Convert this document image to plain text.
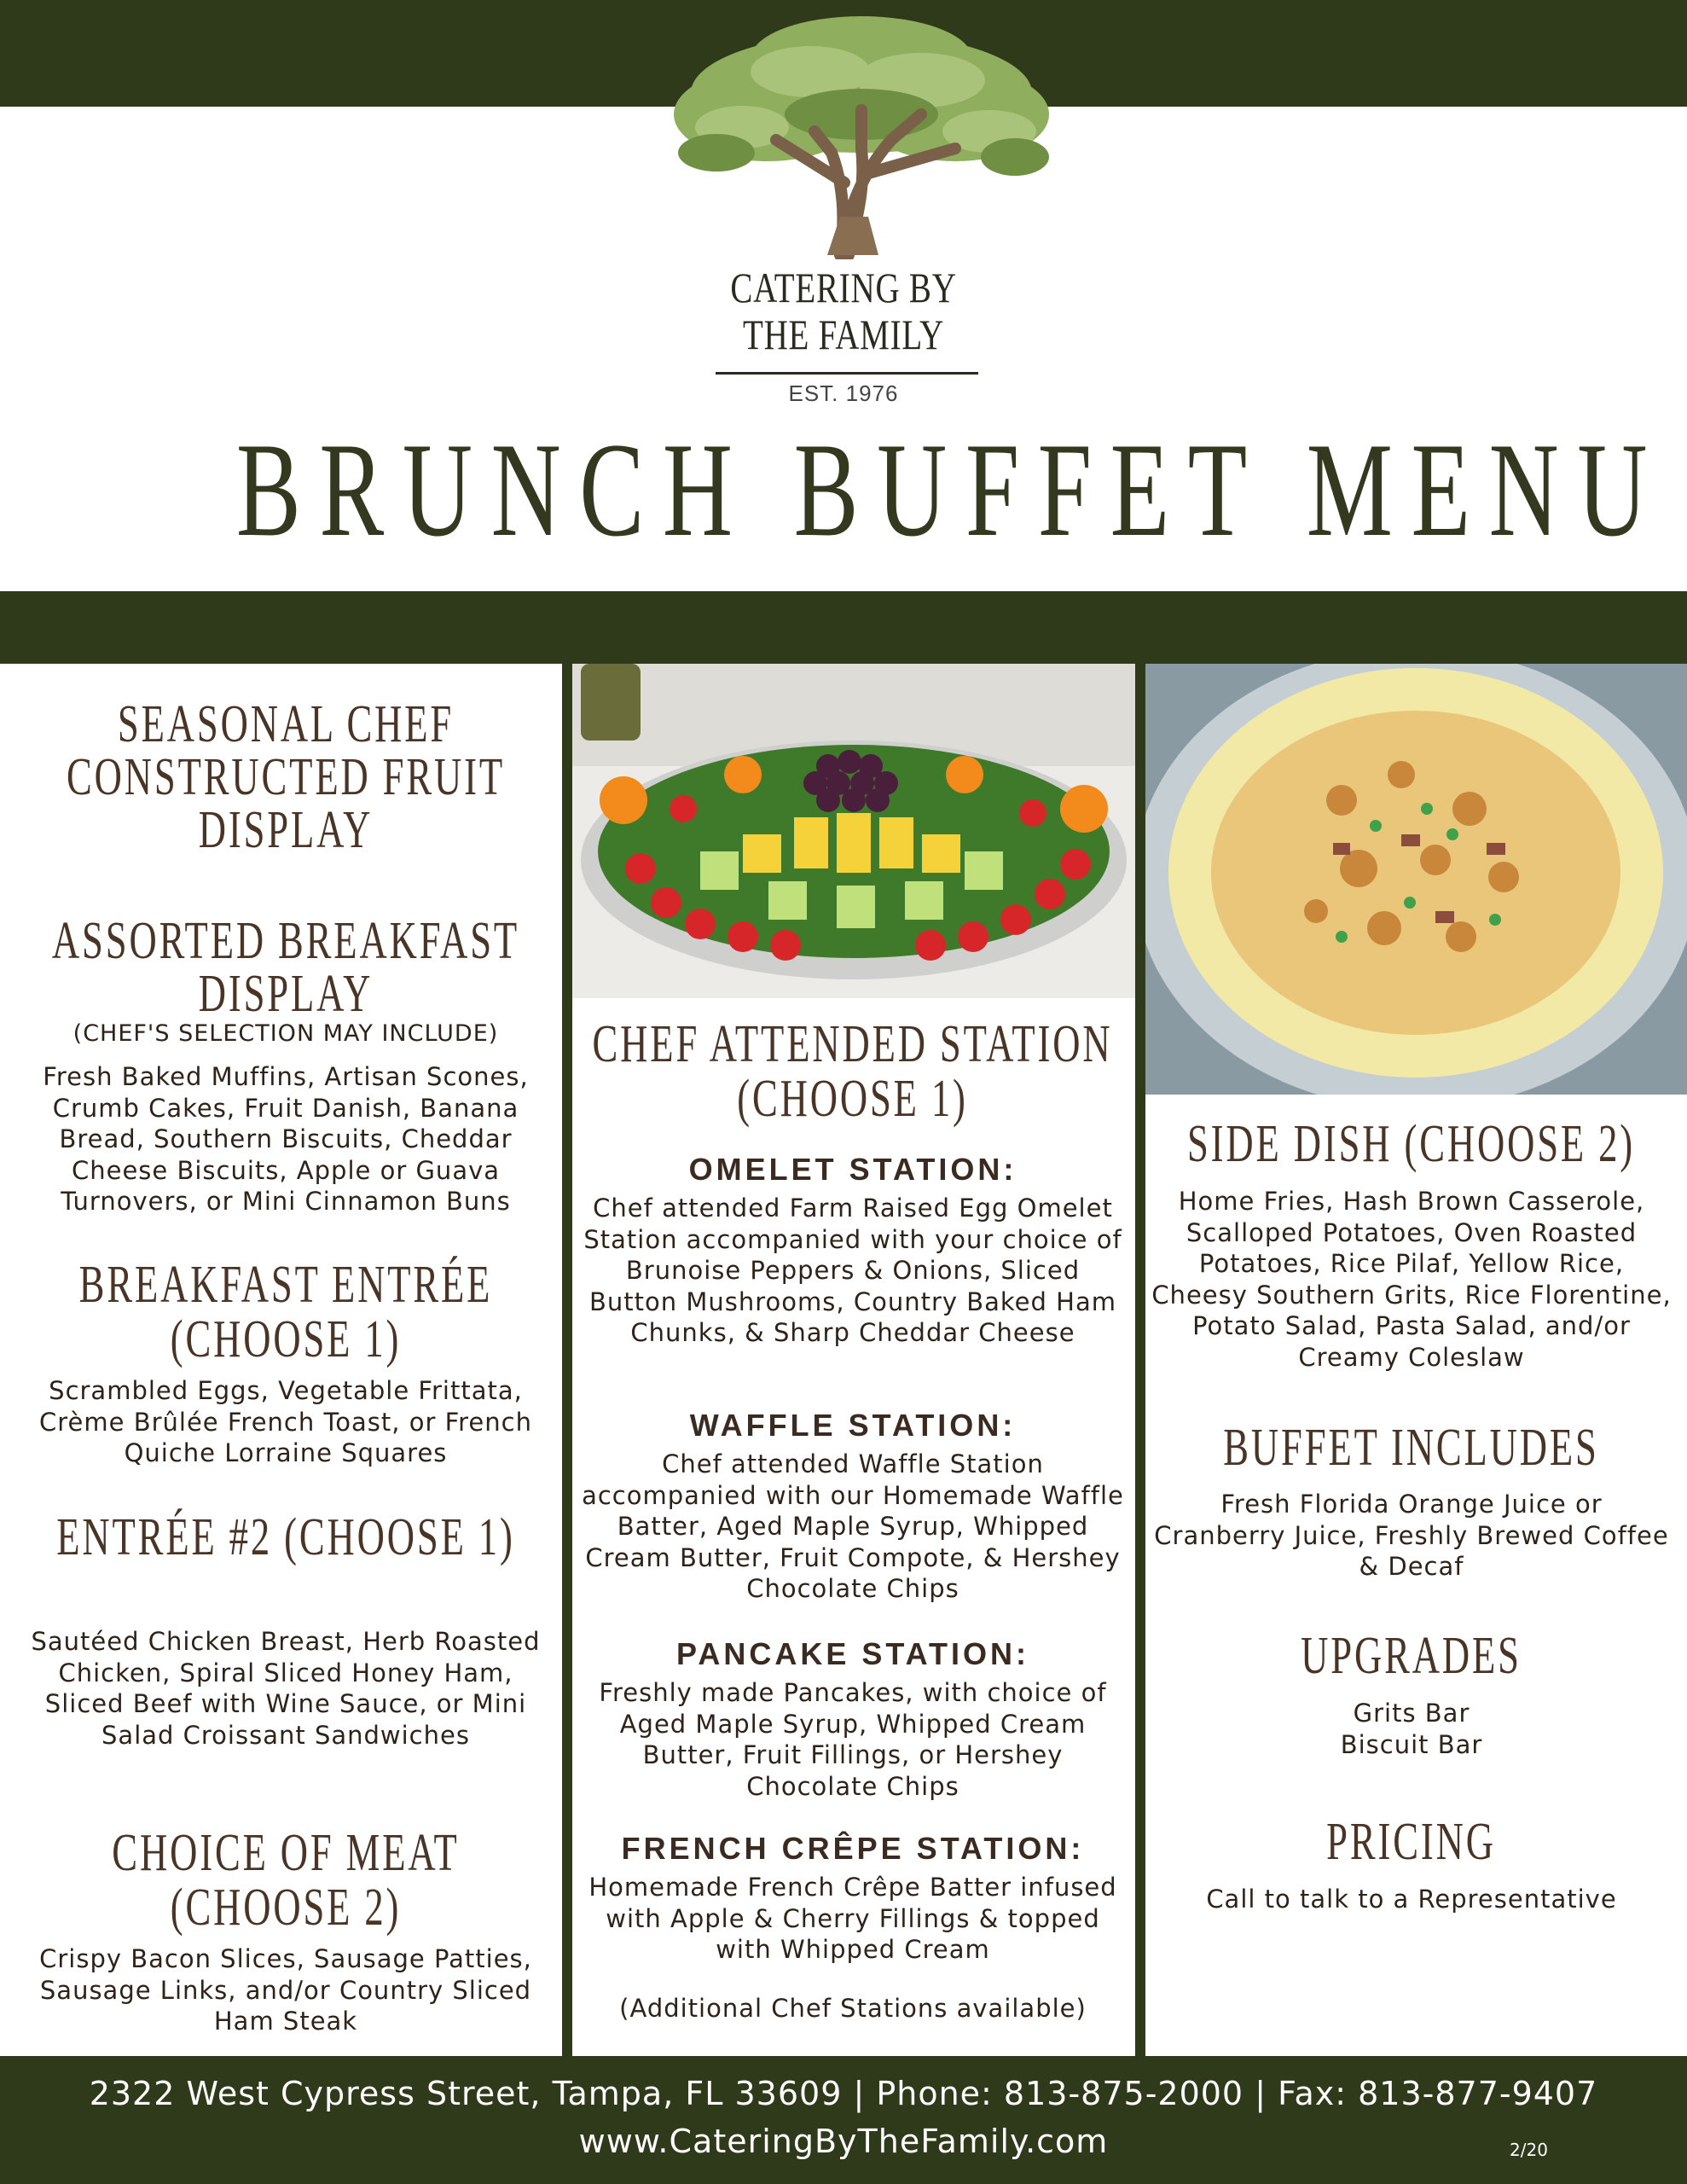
CATERING BY THE FAMILY
EST. 1976
BRUNCH BUFFET MENU
SEASONAL CHEF CONSTRUCTED FRUIT DISPLAY
ASSORTED BREAKFAST DISPLAY
(CHEF'S SELECTION MAY INCLUDE)
Fresh Baked Muffins, Artisan Scones, Crumb Cakes, Fruit Danish, Banana Bread, Southern Biscuits, Cheddar Cheese Biscuits, Apple or Guava Turnovers, or Mini Cinnamon Buns
BREAKFAST ENTRÉE (CHOOSE 1)
Scrambled Eggs, Vegetable Frittata, Crème Brûlée French Toast, or French Quiche Lorraine Squares
ENTRÉE #2 (CHOOSE 1)
Sautéed Chicken Breast, Herb Roasted Chicken, Spiral Sliced Honey Ham, Sliced Beef with Wine Sauce, or Mini Salad Croissant Sandwiches
CHOICE OF MEAT (CHOOSE 2)
Crispy Bacon Slices, Sausage Patties, Sausage Links, and/or Country Sliced Ham Steak
CHEF ATTENDED STATION (CHOOSE 1)
OMELET STATION:
Chef attended Farm Raised Egg Omelet Station accompanied with your choice of Brunoise Peppers & Onions, Sliced Button Mushrooms, Country Baked Ham Chunks, & Sharp Cheddar Cheese
WAFFLE STATION:
Chef attended Waffle Station accompanied with our Homemade Waffle Batter, Aged Maple Syrup, Whipped Cream Butter, Fruit Compote, & Hershey Chocolate Chips
PANCAKE STATION:
Freshly made Pancakes, with choice of Aged Maple Syrup, Whipped Cream Butter, Fruit Fillings, or Hershey Chocolate Chips
FRENCH CRÊPE STATION:
Homemade French Crêpe Batter infused with Apple & Cherry Fillings & topped with Whipped Cream
(Additional Chef Stations available)
SIDE DISH (CHOOSE 2)
Home Fries, Hash Brown Casserole, Scalloped Potatoes, Oven Roasted Potatoes, Rice Pilaf, Yellow Rice, Cheesy Southern Grits, Rice Florentine, Potato Salad, Pasta Salad, and/or Creamy Coleslaw
BUFFET INCLUDES
Fresh Florida Orange Juice or Cranberry Juice, Freshly Brewed Coffee & Decaf
UPGRADES
Grits Bar
Biscuit Bar
PRICING
Call to talk to a Representative
2322 West Cypress Street, Tampa, FL 33609 | Phone: 813-875-2000 | Fax: 813-877-9407
www.CateringByTheFamily.com	2/20
